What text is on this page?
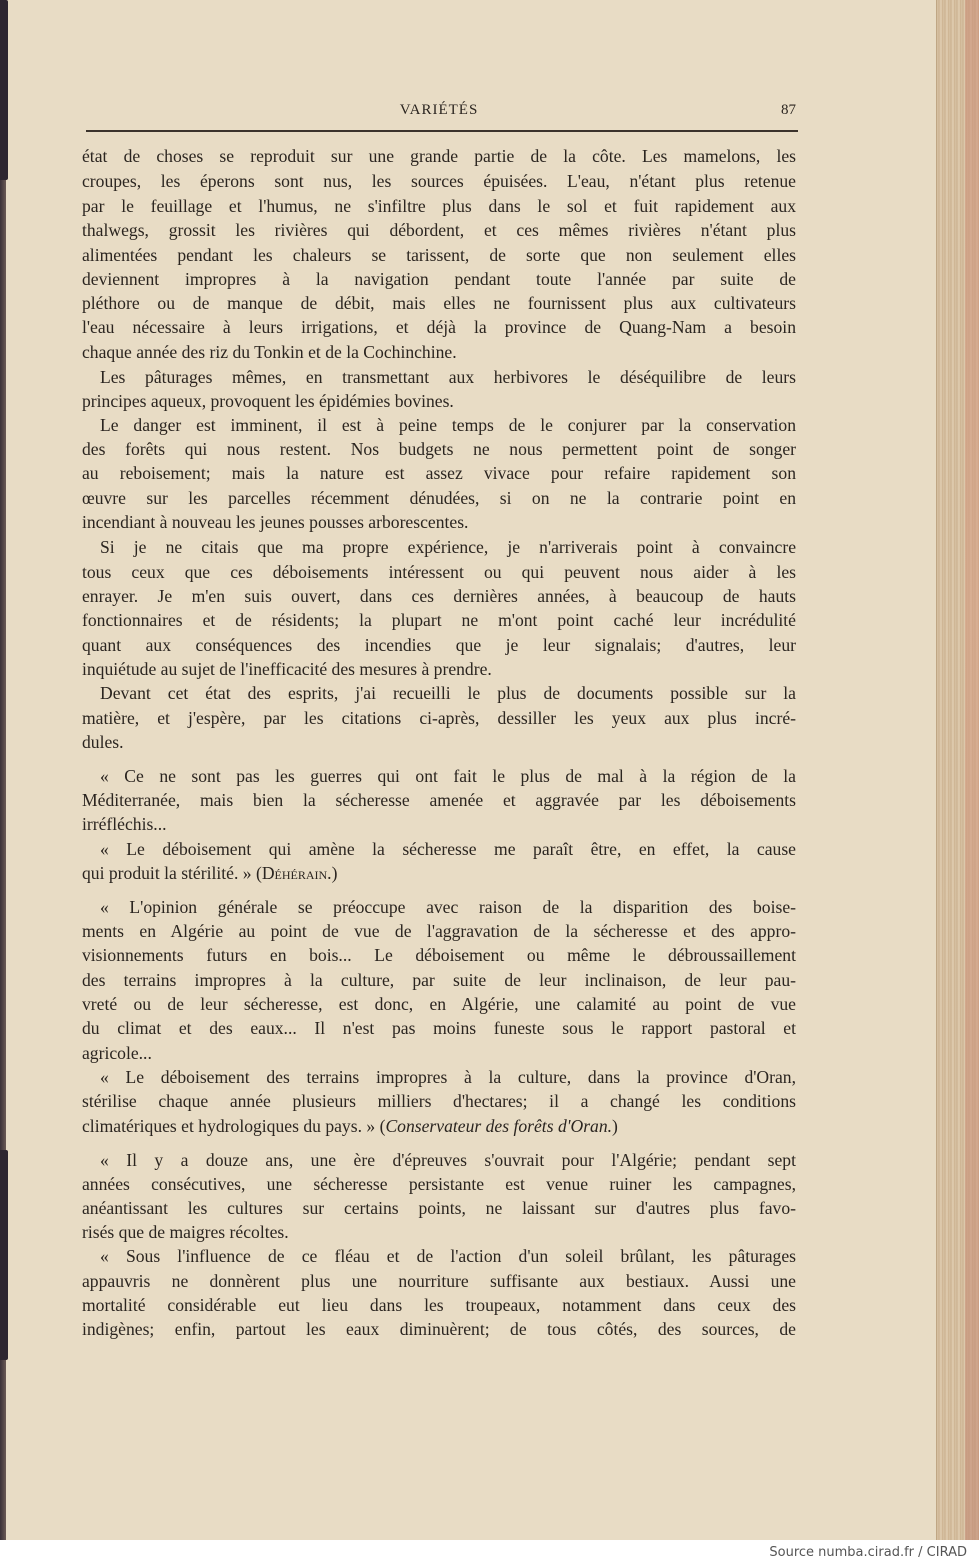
VARIÉTÉS	87
état de choses se reproduit sur une grande partie de la côte. Les mamelons, les
croupes, les éperons sont nus, les sources épuisées. L'eau, n'étant plus retenue
par le feuillage et l'humus, ne s'infiltre plus dans le sol et fuit rapidement aux
thalwegs, grossit les rivières qui débordent, et ces mêmes rivières n'étant plus
alimentées pendant les chaleurs se tarissent, de sorte que non seulement elles
deviennent impropres à la navigation pendant toute l'année par suite de
pléthore ou de manque de débit, mais elles ne fournissent plus aux cultivateurs
l'eau nécessaire à leurs irrigations, et déjà la province de Quang-Nam a besoin
chaque année des riz du Tonkin et de la Cochinchine.
Les pâturages mêmes, en transmettant aux herbivores le déséquilibre de leurs
principes aqueux, provoquent les épidémies bovines.
Le danger est imminent, il est à peine temps de le conjurer par la conservation
des forêts qui nous restent. Nos budgets ne nous permettent point de songer
au reboisement; mais la nature est assez vivace pour refaire rapidement son
œuvre sur les parcelles récemment dénudées, si on ne la contrarie point en
incendiant à nouveau les jeunes pousses arborescentes.
Si je ne citais que ma propre expérience, je n'arriverais point à convaincre
tous ceux que ces déboisements intéressent ou qui peuvent nous aider à les
enrayer. Je m'en suis ouvert, dans ces dernières années, à beaucoup de hauts
fonctionnaires et de résidents; la plupart ne m'ont point caché leur incrédulité
quant aux conséquences des incendies que je leur signalais; d'autres, leur
inquiétude au sujet de l'inefficacité des mesures à prendre.
Devant cet état des esprits, j'ai recueilli le plus de documents possible sur la
matière, et j'espère, par les citations ci-après, dessiller les yeux aux plus incré-
dules.
« Ce ne sont pas les guerres qui ont fait le plus de mal à la région de la
Méditerranée, mais bien la sécheresse amenée et aggravée par les déboisements
irréfléchis...
« Le déboisement qui amène la sécheresse me paraît être, en effet, la cause
qui produit la stérilité. » (Déhérain.)
« L'opinion générale se préoccupe avec raison de la disparition des boise-
ments en Algérie au point de vue de l'aggravation de la sécheresse et des appro-
visionnements futurs en bois... Le déboisement ou même le débroussaillement
des terrains impropres à la culture, par suite de leur inclinaison, de leur pau-
vreté ou de leur sécheresse, est donc, en Algérie, une calamité au point de vue
du climat et des eaux... Il n'est pas moins funeste sous le rapport pastoral et
agricole...
« Le déboisement des terrains impropres à la culture, dans la province d'Oran,
stérilise chaque année plusieurs milliers d'hectares; il a changé les conditions
climatériques et hydrologiques du pays. » (Conservateur des forêts d'Oran.)
« Il y a douze ans, une ère d'épreuves s'ouvrait pour l'Algérie; pendant sept
années consécutives, une sécheresse persistante est venue ruiner les campagnes,
anéantissant les cultures sur certains points, ne laissant sur d'autres plus favo-
risés que de maigres récoltes.
« Sous l'influence de ce fléau et de l'action d'un soleil brûlant, les pâturages
appauvris ne donnèrent plus une nourriture suffisante aux bestiaux. Aussi une
mortalité considérable eut lieu dans les troupeaux, notamment dans ceux des
indigènes; enfin, partout les eaux diminuèrent; de tous côtés, des sources, de
Source numba.cirad.fr / CIRAD
